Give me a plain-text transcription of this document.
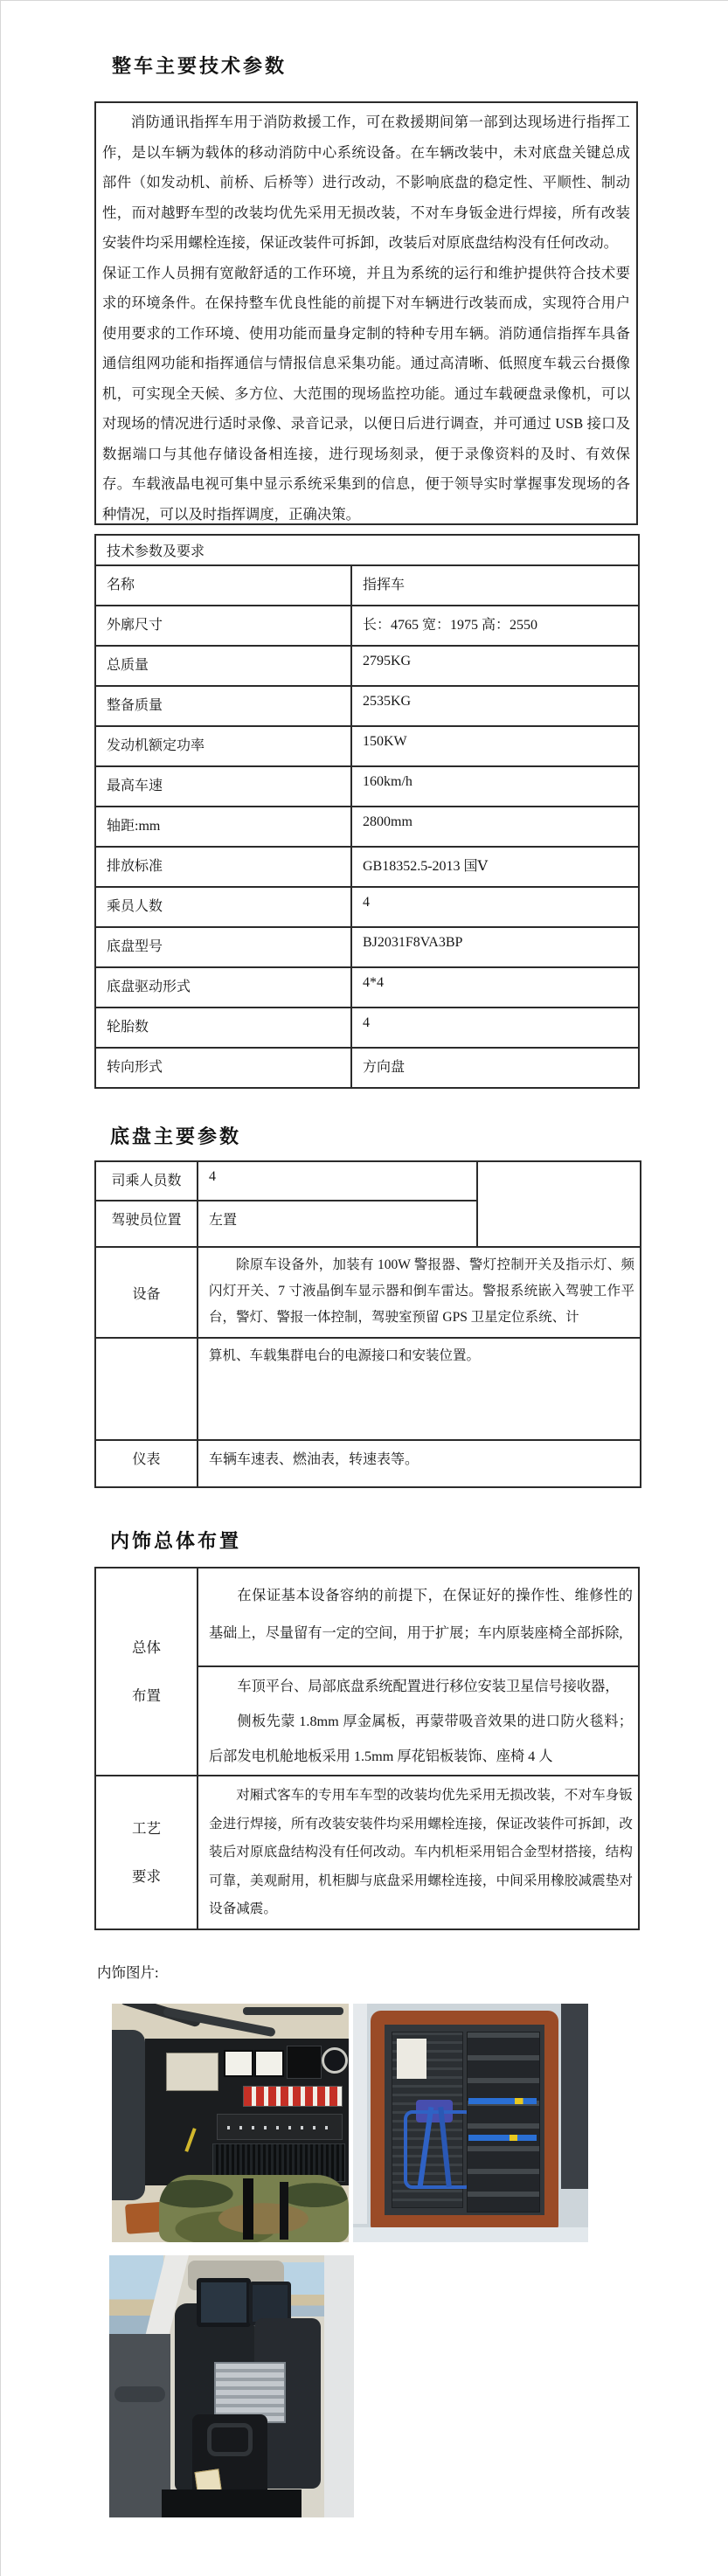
整车主要技术参数

消防通讯指挥车用于消防救援工作，可在救援期间第一部到达现场进行指挥工作，是以车辆为载体的移动消防中心系统设备。在车辆改装中，未对底盘关键总成部件（如发动机、前桥、后桥等）进行改动，不影响底盘的稳定性、平顺性、制动性，而对越野车型的改装均优先采用无损改装，不对车身钣金进行焊接，所有改装安装件均采用螺栓连接，保证改装件可拆卸，改装后对原底盘结构没有任何改动。

保证工作人员拥有宽敞舒适的工作环境，并且为系统的运行和维护提供符合技术要求的环境条件。在保持整车优良性能的前提下对车辆进行改装而成，实现符合用户使用要求的工作环境、使用功能而量身定制的特种专用车辆。消防通信指挥车具备通信组网功能和指挥通信与情报信息采集功能。通过高清晰、低照度车载云台摄像机，可实现全天候、多方位、大范围的现场监控功能。通过车载硬盘录像机，可以对现场的情况进行适时录像、录音记录，以便日后进行调查，并可通过 USB 接口及数据端口与其他存储设备相连接，进行现场刻录，便于录像资料的及时、有效保存。车载液晶电视可集中显示系统采集到的信息，便于领导实时掌握事发现场的各种情况，可以及时指挥调度，正确决策。

技术参数及要求	
名称	指挥车
外廓尺寸	长：4765 宽：1975 高：2550
总质量	2795KG
整备质量	2535KG
发动机额定功率	150KW
最高车速	160km/h
轴距:mm	2800mm
排放标准	GB18352.5-2013 国Ⅴ
乘员人数	4
底盘型号	BJ2031F8VA3BP
底盘驱动形式	4*4
轮胎数	4
转向形式	方向盘
底盘主要参数
司乘人员数	4	
驾驶员位置	左置	
设备	除原车设备外，加装有 100W 警报器、警灯控制开关及指示灯、频闪灯开关、7 寸液晶倒车显示器和倒车雷达。警报系统嵌入驾驶工作平台，警灯、警报一体控制，驾驶室预留 GPS 卫星定位系统、计	

	算机、车载集群电台的电源接口和安装位置。	

仪表	车辆车速表、燃油表，转速表等。	
内饰总体布置
总体
布置	在保证基本设备容纳的前提下，在保证好的操作性、维修性的基础上，尽量留有一定的空间，用于扩展；车内原装座椅全部拆除,

	车顶平台、局部底盘系统配置进行移位安装卫星信号接收器，

侧板先蒙 1.8mm 厚金属板，再蒙带吸音效果的进口防火毯料；后部发电机舱地板采用 1.5mm 厚花铝板装饰、座椅 4 人

工艺
要求	对厢式客车的专用车车型的改装均优先采用无损改装，不对车身钣金进行焊接，所有改装安装件均采用螺栓连接，保证改装件可拆卸，改装后对原底盘结构没有任何改动。车内机柜采用铝合金型材搭接，结构可靠，美观耐用，机柜脚与底盘采用螺栓连接，中间采用橡胶减震垫对设备减震。

内饰图片:
